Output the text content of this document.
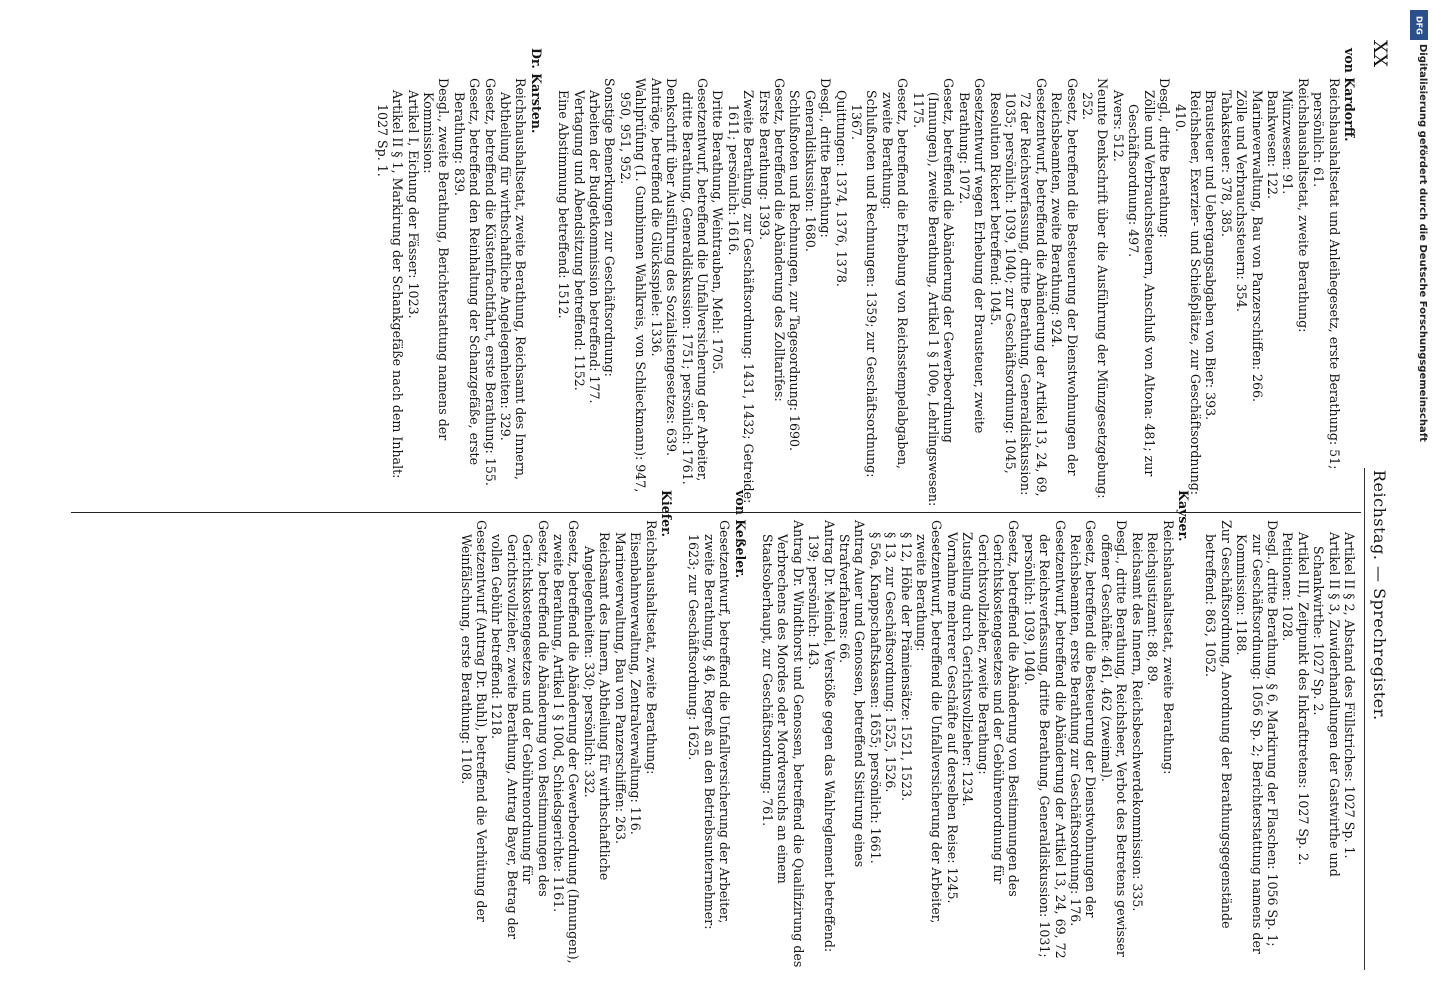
XX
Reichstag. — Sprechregister.
von Kardorff.

Reichshaushaltsetat und Anleihegesetz, erste Berathung: 51; persönlich: 61.

Reichshaushaltsetat, zweite Berathung:

Münzwesen: 91.

Bankwesen: 122.

Marineverwaltung, Bau von Panzerschiffen: 266.

Zölle und Verbrauchssteuern: 354.

Tabaksteuer: 378, 385.

Brausteuer und Uebergangsabgaben von Bier: 393.

Reichsheer, Exerzier- und Schießplätze, zur Geschäftsordnung: 410.

Desgl., dritte Berathung:

Zölle und Verbrauchssteuern, Anschluß von Altona: 481; zur Geschäftsordnung: 497.

Avers: 512.

Neunte Denkschrift über die Ausführung der Münzgesetzgebung: 252.

Gesetz, betreffend die Besteuerung der Dienstwohnungen der Reichsbeamten, zweite Berathung: 924.

Gesetzentwurf, betreffend die Abänderung der Artikel 13, 24, 69, 72 der Reichsverfassung, dritte Berathung, Generaldiskussion: 1035; persönlich: 1039, 1040; zur Geschäftsordnung: 1045, Resolution Rickert betreffend: 1045.

Gesetzentwurf wegen Erhebung der Brausteuer, zweite Berathung: 1072.

Gesetz, betreffend die Abänderung der Gewerbeordnung (Innungen), zweite Berathung, Artikel 1 § 100e, Lehrlingswesen: 1175.

Gesetz, betreffend die Erhebung von Reichsstempelabgaben, zweite Berathung:

Schlußnoten und Rechnungen: 1359; zur Geschäftsordnung: 1367.

Quittungen: 1374, 1376, 1378.

Desgl., dritte Berathung:

Generaldiskussion: 1680.

Schlußnoten und Rechnungen, zur Tagesordnung: 1690.

Gesetz, betreffend die Abänderung des Zolltarifes:

Erste Berathung: 1393.

Zweite Berathung, zur Geschäftsordnung: 1431, 1432; Getreide: 1611; persönlich: 1616.

Dritte Berathung, Weintrauben, Mehl: 1705.

Gesetzentwurf, betreffend die Unfallversicherung der Arbeiter, dritte Berathung, Generaldiskussion: 1751; persönlich: 1761.

Denkschrift über Ausführung des Sozialistengesetzes: 639.

Anträge, betreffend die Glücksspiele: 1336.

Wahlprüfung (1. Gumbinnen Wahlkreis, von Schlieckmann): 947, 950, 951, 952.

Sonstige Bemerkungen zur Geschäftsordnung:

Arbeiten der Budgetkommission betreffend: 177.

Vertagung und Abendsitzung betreffend: 1152.

Eine Abstimmung betreffend: 1512.

Dr. Karsten.

Reichshaushaltsetat, zweite Berathung, Reichsamt des Innern, Abtheilung für wirthschaftliche Angelegenheiten: 329.

Gesetz, betreffend die Küstenfrachtfahrt, erste Berathung: 155.

Gesetz, betreffend den Reinhaltung der Schanzgefäße, erste Berathung: 839.

Desgl., zweite Berathung, Berichterstattung namens der Kommission:

Artikel I, Eichung der Fässer: 1023.

Artikel II § 1, Markirung der Schankgefäße nach dem Inhalt: 1027 Sp. 1.

Artikel II § 2, Abstand des Füllstriches: 1027 Sp. 1.

Artikel II § 3, Zuwiderhandlungen der Gastwirthe und Schankwirthe: 1027 Sp. 2.

Artikel III, Zeitpunkt des Inkrafttretens: 1027 Sp. 2.

Petitionen: 1028.

Desgl., dritte Berathung, § 6, Markirung der Flaschen: 1056 Sp. 1; zur Geschäftsordnung: 1056 Sp. 2; Berichterstattung namens der Kommission: 1188.

Zur Geschäftsordnung, Anordnung der Berathungsgegenstände betreffend: 863, 1052.

Kayser.

Reichshaushaltsetat, zweite Berathung:

Reichsjustizamt: 88, 89.

Reichsamt des Innern, Reichsbeschwerdekommission: 335.

Desgl., dritte Berathung, Reichsheer, Verbot des Betretens gewisser offener Geschäfte: 461, 462 (zweimal).

Gesetz, betreffend die Besteuerung der Dienstwohnungen der Reichsbeamten, erste Berathung zur Geschäftsordnung: 176.

Gesetzentwurf, betreffend die Abänderung der Artikel 13, 24, 69, 72 der Reichsverfassung, dritte Berathung, Generaldiskussion: 1031; persönlich: 1039, 1040.

Gesetz, betreffend die Abänderung von Bestimmungen des Gerichtskostengesetzes und der Gebührenordnung für Gerichtsvollzieher, zweite Berathung:

Zustellung durch Gerichtsvollzieher: 1234.

Vornahme mehrerer Geschäfte auf derselben Reise: 1245.

Gesetzentwurf, betreffend die Unfallversicherung der Arbeiter, zweite Berathung:

§ 12, Höhe der Prämiensätze: 1521, 1523.

§ 13, zur Geschäftsordnung: 1525, 1526.

§ 56a, Knappschaftskassen: 1655; persönlich: 1661.

Antrag Auer und Genossen, betreffend Sistirung eines Strafverfahrens: 66.

Antrag Dr. Meindel, Verstöße gegen das Wahlreglement betreffend: 139; persönlich: 143.

Antrag Dr. Windthorst und Genossen, betreffend die Qualifizirung des Verbrechens des Mordes oder Mordversuchs an einem Staatsoberhaupt, zur Geschäftsordnung: 761.

von Keßeler.

Gesetzentwurf, betreffend die Unfallversicherung der Arbeiter, zweite Berathung, § 46, Regreß an den Betriebsunternehmer: 1623; zur Geschäftsordnung: 1625.

Kiefer.

Reichshaushaltsetat, zweite Berathung:

Eisenbahnverwaltung, Zentralverwaltung: 116.

Marineverwaltung, Bau von Panzerschiffen: 263.

Reichsamt des Innern, Abtheilung für wirthschaftliche Angelegenheiten: 330; persönlich: 332.

Gesetz, betreffend die Abänderung der Gewerbeordnung (Innungen), zweite Berathung, Artikel 1 § 100d, Schiedsgerichte: 1161.

Gesetz, betreffend die Abänderung von Bestimmungen des Gerichtskostengesetzes und der Gebührenordnung für Gerichtsvollzieher, zweite Berathung, Antrag Bayer, Betrag der vollen Gebühr betreffend: 1218.

Gesetzentwurf (Antrag Dr. Buhl), betreffend die Verhütung der Weinfälschung, erste Berathung: 1108.

DFG
Digitalisierung gefördert durch die Deutsche Forschungsgemeinschaft
